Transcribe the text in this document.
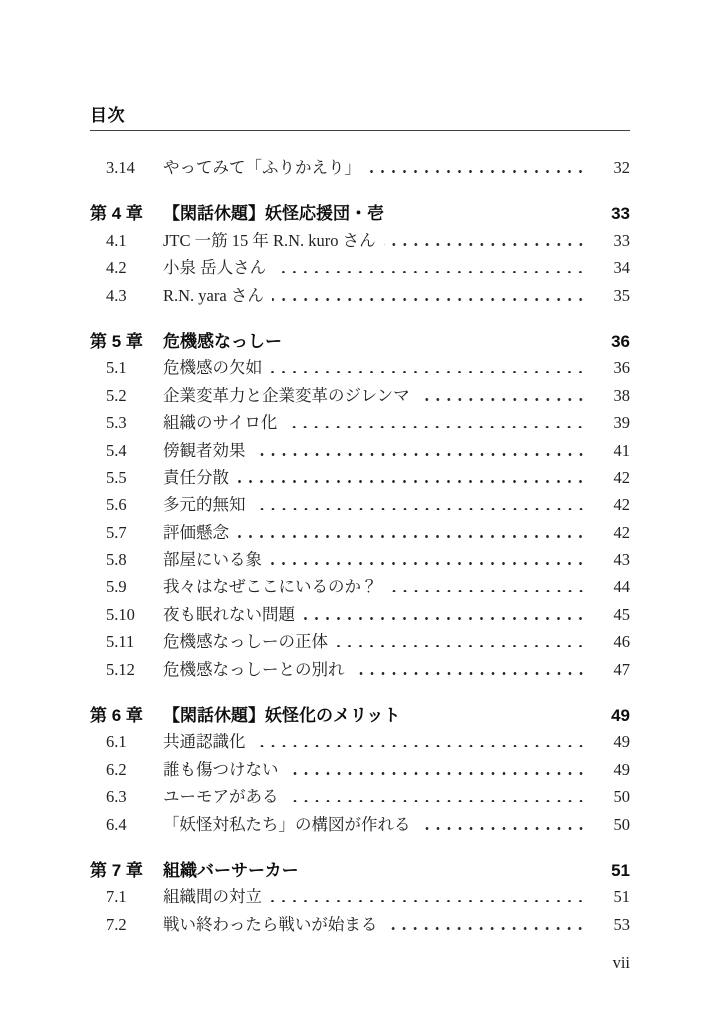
目次
3.14	やってみて「ふりかえり」	32
第 4 章	【閑話休題】妖怪応援団・壱	33
4.1	JTC 一筋 15 年 R.N. kuro さん	33
4.2	小泉 岳人さん	34
4.3	R.N. yara さん	35
第 5 章	危機感なっしー	36
5.1	危機感の欠如	36
5.2	企業変革力と企業変革のジレンマ	38
5.3	組織のサイロ化	39
5.4	傍観者効果	41
5.5	責任分散	42
5.6	多元的無知	42
5.7	評価懸念	42
5.8	部屋にいる象	43
5.9	我々はなぜここにいるのか？	44
5.10	夜も眠れない問題	45
5.11	危機感なっしーの正体	46
5.12	危機感なっしーとの別れ	47
第 6 章	【閑話休題】妖怪化のメリット	49
6.1	共通認識化	49
6.2	誰も傷つけない	49
6.3	ユーモアがある	50
6.4	「妖怪対私たち」の構図が作れる	50
第 7 章	組織バーサーカー	51
7.1	組織間の対立	51
7.2	戦い終わったら戦いが始まる	53
vii
